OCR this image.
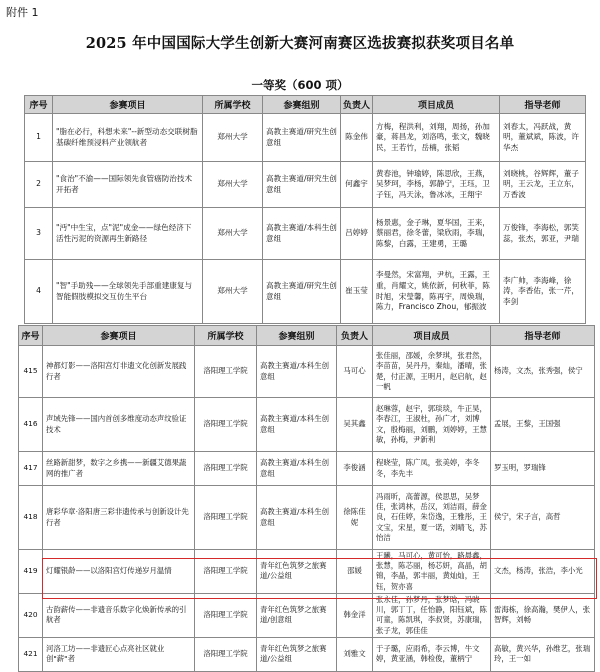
附件 1
2025 年中国国际大学生创新大赛河南赛区选拔赛拟获奖项目名单
一等奖（600 项）
序号	参赛项目	所属学校	参赛组别	负责人	项目成员	指导老师
1	"脂在必行，科想未来"--新型动态交联树脂基碳纤维预浸料产业领航者	郑州大学	高教主赛道/研究生创意组	陈金伟	方梅，程洪利，刘翔，周扬，孙加豪，蒋昌龙，刘洛鸣，张文，魏晓民，王若竹，岳楠，张韬	刘春太，冯跃战，黄明，董斌斌，陈波，许华杰
2	"食治"不渝——国际领先食管癌防治技术开拓者	郑州大学	高教主赛道/研究生创意组	何鑫宇	黄春池，钟瑜婷，陈思欣，王燕，吴梦珂，李杨，郭静宁，王珏，卫子钰，冯天泳，鲁冰冰，王翔宇	刘晓桃，谷辉辉，董子明，王云龙，王立东，万香波
3	"沔"中生宝，点"泥"成金——绿色经济下活性污泥的资源再生新路径	郑州大学	高教主赛道/本科生创意组	吕婷婷	杨景惠，金子琳，夏华国，王来，蔡丽君，徐冬蕾，梁欣雨，李瑞，陈黎，白露，王建勇，王璐	万俊锋，李海松，郭笑蕊，张杰，郭亚，尹瑞
4	"智"手助残——全球领先手部重建康复与智能假肢模拟交互仿生平台	郑州大学	高教主赛道/研究生创意组	崔玉莹	李曼然，宋富翔，尹杭，王露，王重，肖耀文，姚依新，何秋菲，陈时旭，宋瑩馨，陈再宇，周焕瑞，陈力，Francisco Zhou，郁振波	李广帅，李海峰，徐涛，李香佑，张一芹，李剑
序号	参赛项目	所属学校	参赛组别	负责人	项目成员	指导老师
415	神都灯影——洛阳宫灯非遗文化创新发展践行者	洛阳理工学院	高教主赛道/本科生创意组	马可心	张佳丽，邵媛，余梦琪，张君然，李苗苗，吴丹丹，秦灿，潘晴，张楚，付正源，王明月，赵启航，赵一帆	杨涛，文杰，张秀强，侯宁
416	声域先锋——国内首创多维度动态声纹验证技术	洛阳理工学院	高教主赛道/本科生创意组	吴其鑫	赵琳蓉，赵宇，郭琰琰，牛正昊，李春江，王淑杜，孙广才，刘博文，殷梅丽，刘鹏，刘婷婷，王慧敏，孙梅，尹新利	孟展，王黎，王国强
417	丝路新甜梦，数字之乡携——新疆艾德果蔬网的推广者	洛阳理工学院	高教主赛道/本科生创意组	李俊涵	程晓莹，陈广凤，张美婷，李冬冬，李先丰	罗玉明，罗瑞锋
418	唐彩华章·洛阳唐三彩非遗传承与创新设计先行者	洛阳理工学院	高教主赛道/本科生创意组	徐陈佳妮	冯雨昕，高蕾源，侯思思，吴梦佳，张鸿林，岳汉，刘洁雨，薛金良，石佳婷，朱岱逸，王雅彤，王文宝，宋星，夏一诺，刘晴飞，苏怡洁	侯宁，宋子言，高哲
419	灯耀银龄——以洛阳宫灯传递岁月温情	洛阳理工学院	青年红色筑梦之旅赛道/公益组	邵媛	王曦，马可心，黄可怡，路晨鑫，张慧，陈芯丽，杨芯妍，高晶，胡锦，李晶，郭丰丽，黄灿灿，王钰，贺亦喜	文杰，杨涛，张浩，李小光
420	古韵薪传——非遗音乐数字化焕新传承的引航者	洛阳理工学院	青年红色筑梦之旅赛道/创意组	韩金洋	张永佳，孙梦丹，张梦晗，冯晓川，郭丁丁，任怡静，阳钰斌，陈可童，陈凯琪，李叔贤，苏康瑞，张子龙，郭佳佳	雷海栋，徐高瀚，樊伊人，张智辉，刘畅
421	河洛工坊——非遗匠心点亮社区就业创"薪"者	洛阳理工学院	青年红色筑梦之旅赛道/公益组	刘雅文	于子璐，应雨希，李云博，牛文婷，黄亚涵，韩检俊，董柄宁	高敏，黄兴华，孙维艺，张瑞玲，王一如
